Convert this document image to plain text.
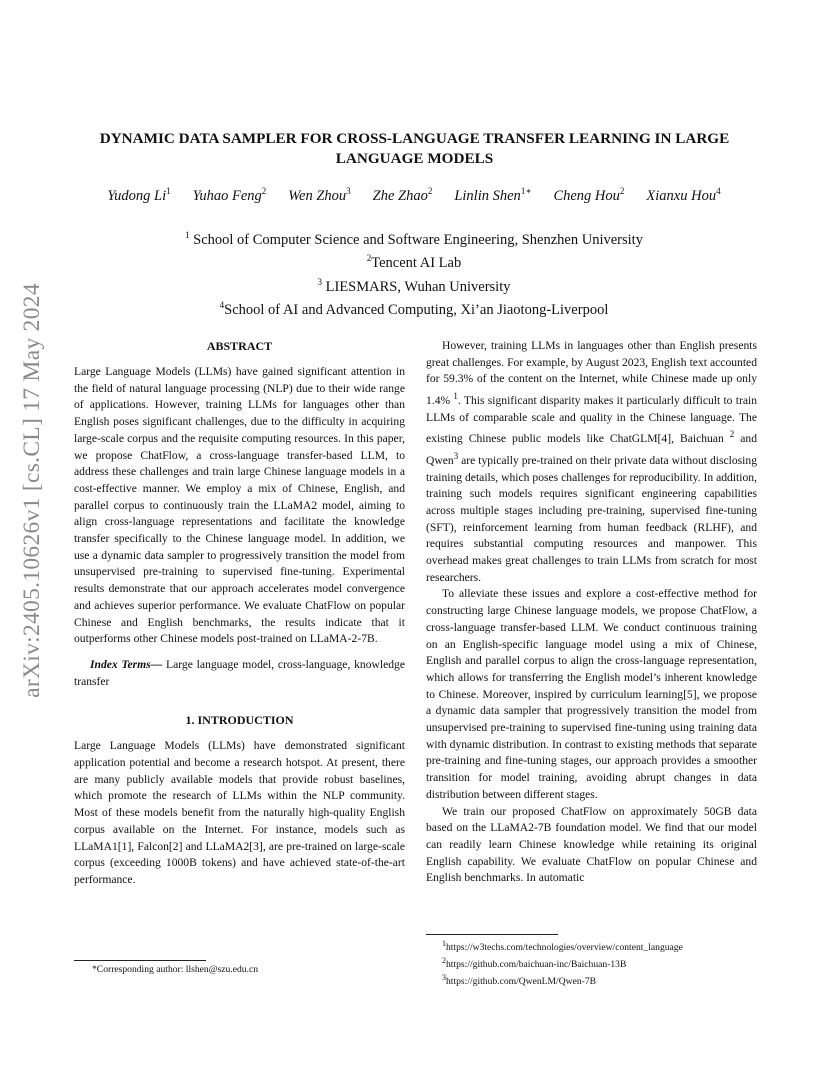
arXiv:2405.10626v1 [cs.CL] 17 May 2024
DYNAMIC DATA SAMPLER FOR CROSS-LANGUAGE TRANSFER LEARNING IN LARGE LANGUAGE MODELS
Yudong Li$^1$ Yuhao Feng$^2$ Wen Zhou$^3$ Zhe Zhao$^2$ Linlin Shen$^{1∗}$ Cheng Hou$^2$ Xianxu Hou$^4$
$^1$ School of Computer Science and Software Engineering, Shenzhen University
$^2$Tencent AI Lab
$^3$ LIESMARS, Wuhan University
$^4$School of AI and Advanced Computing, Xi’an Jiaotong-Liverpool
ABSTRACT

Large Language Models (LLMs) have gained significant attention in the field of natural language processing (NLP) due to their wide range of applications. However, training LLMs for languages other than English poses significant challenges, due to the difficulty in acquiring large-scale corpus and the requisite computing resources. In this paper, we propose ChatFlow, a cross-language transfer-based LLM, to address these challenges and train large Chinese language models in a cost-effective manner. We employ a mix of Chinese, English, and parallel corpus to continuously train the LLaMA2 model, aiming to align cross-language representations and facilitate the knowledge transfer specifically to the Chinese language model. In addition, we use a dynamic data sampler to progressively transition the model from unsupervised pre-training to supervised fine-tuning. Experimental results demonstrate that our approach accelerates model convergence and achieves superior performance. We evaluate ChatFlow on popular Chinese and English benchmarks, the results indicate that it outperforms other Chinese models post-trained on LLaMA-2-7B.

Index Terms— Large language model, cross-language, knowledge transfer

1. INTRODUCTION

Large Language Models (LLMs) have demonstrated significant application potential and become a research hotspot. At present, there are many publicly available models that provide robust baselines, which promote the research of LLMs within the NLP community. Most of these models benefit from the naturally high-quality English corpus available on the Internet. For instance, models such as LLaMA1[1], Falcon[2] and LLaMA2[3], are pre-trained on large-scale corpus (exceeding 1000B tokens) and have achieved state-of-the-art performance.

However, training LLMs in languages other than English presents great challenges. For example, by August 2023, English text accounted for 59.3% of the content on the Internet, while Chinese made up only 1.4% $^1$. This significant disparity makes it particularly difficult to train LLMs of comparable scale and quality in the Chinese language. The existing Chinese public models like ChatGLM[4], Baichuan $^2$ and Qwen$^3$ are typically pre-trained on their private data without disclosing training details, which poses challenges for reproducibility. In addition, training such models requires significant engineering capabilities across multiple stages including pre-training, supervised fine-tuning (SFT), reinforcement learning from human feedback (RLHF), and requires substantial computing resources and manpower. This overhead makes great challenges to train LLMs from scratch for most researchers.

To alleviate these issues and explore a cost-effective method for constructing large Chinese language models, we propose ChatFlow, a cross-language transfer-based LLM. We conduct continuous training on an English-specific language model using a mix of Chinese, English and parallel corpus to align the cross-language representation, which allows for transferring the English model’s inherent knowledge to Chinese. Moreover, inspired by curriculum learning[5], we propose a dynamic data sampler that progressively transition the model from unsupervised pre-training to supervised fine-tuning using training data with dynamic distribution. In contrast to existing methods that separate pre-training and fine-tuning stages, our approach provides a smoother transition for model training, avoiding abrupt changes in data distribution between different stages.

We train our proposed ChatFlow on approximately 50GB data based on the LLaMA2-7B foundation model. We find that our model can readily learn Chinese knowledge while retaining its original English capability. We evaluate ChatFlow on popular Chinese and English benchmarks. In automatic

*Corresponding author: llshen@szu.edu.cn
$^1$https://w3techs.com/technologies/overview/content_language
$^2$https://github.com/baichuan-inc/Baichuan-13B
$^3$https://github.com/QwenLM/Qwen-7B
